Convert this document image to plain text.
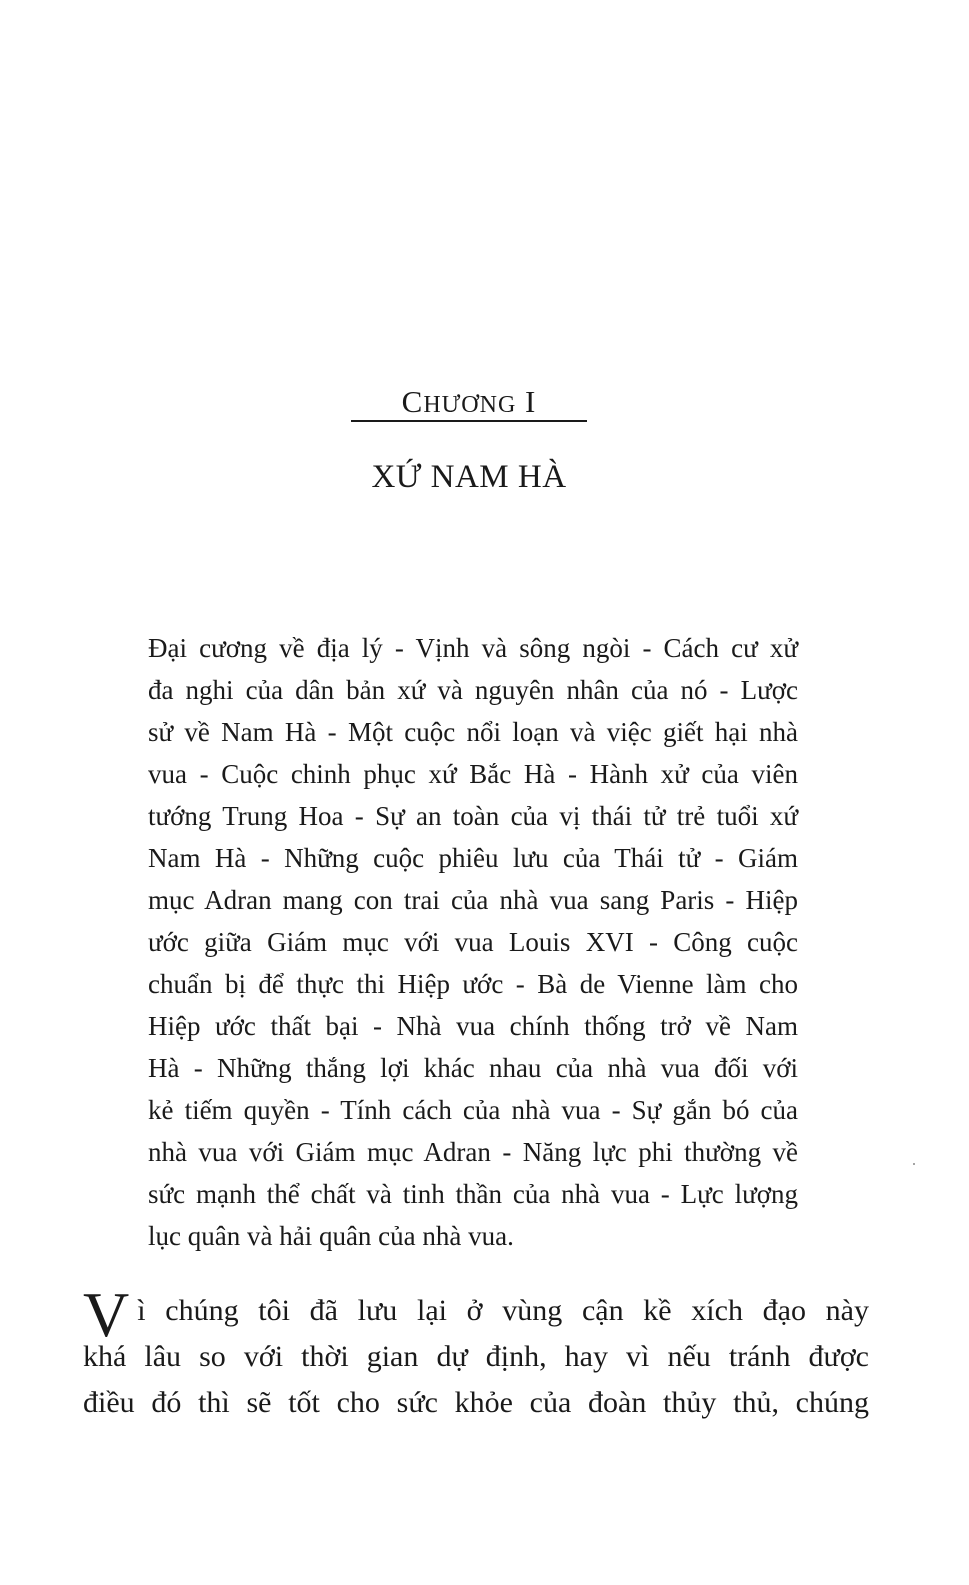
CHƯƠNG I
XỨ NAM HÀ
Đại cương về địa lý - Vịnh và sông ngòi - Cách cư xử
đa nghi của dân bản xứ và nguyên nhân của nó - Lược
sử về Nam Hà - Một cuộc nổi loạn và việc giết hại nhà
vua - Cuộc chinh phục xứ Bắc Hà - Hành xử của viên
tướng Trung Hoa - Sự an toàn của vị thái tử trẻ tuổi xứ
Nam Hà - Những cuộc phiêu lưu của Thái tử - Giám
mục Adran mang con trai của nhà vua sang Paris - Hiệp
ước giữa Giám mục với vua Louis XVI - Công cuộc
chuẩn bị để thực thi Hiệp ước - Bà de Vienne làm cho
Hiệp ước thất bại - Nhà vua chính thống trở về Nam
Hà - Những thắng lợi khác nhau của nhà vua đối với
kẻ tiếm quyền - Tính cách của nhà vua - Sự gắn bó của
nhà vua với Giám mục Adran - Năng lực phi thường về
sức mạnh thể chất và tinh thần của nhà vua - Lực lượng
lục quân và hải quân của nhà vua.
V ì chúng tôi đã lưu lại ở vùng cận kề xích đạo này
khá lâu so với thời gian dự định, hay vì nếu tránh được
điều đó thì sẽ tốt cho sức khỏe của đoàn thủy thủ, chúng
